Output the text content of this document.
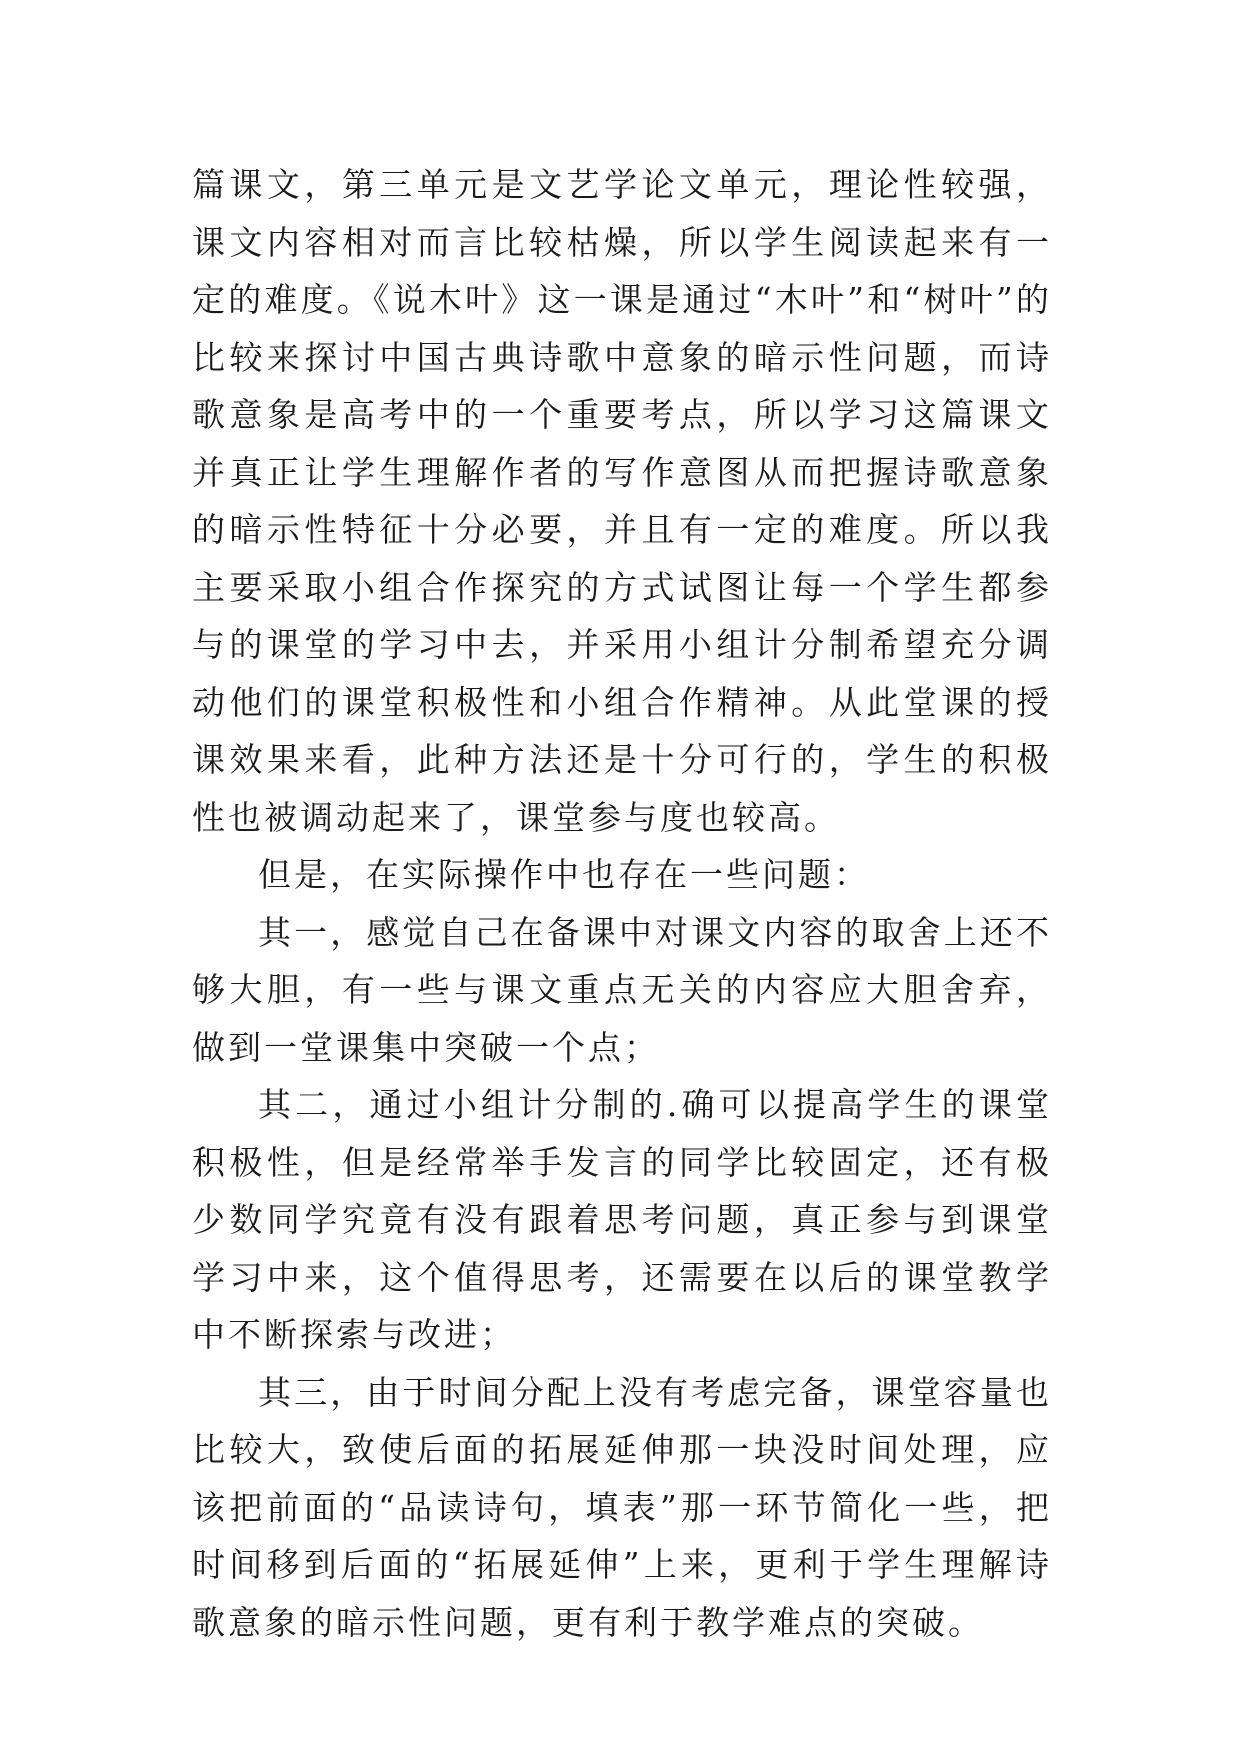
篇课文，第三单元是文艺学论文单元，理论性较强，课文内容相对而言比较枯燥，所以学生阅读起来有一定的难度。《说木叶》这一课是通过“木叶”和“树叶”的比较来探讨中国古典诗歌中意象的暗示性问题，而诗歌意象是高考中的一个重要考点，所以学习这篇课文并真正让学生理解作者的写作意图从而把握诗歌意象的暗示性特征十分必要，并且有一定的难度。所以我主要采取小组合作探究的方式试图让每一个学生都参与的课堂的学习中去，并采用小组计分制希望充分调动他们的课堂积极性和小组合作精神。从此堂课的授课效果来看，此种方法还是十分可行的，学生的积极性也被调动起来了，课堂参与度也较高。

但是，在实际操作中也存在一些问题：

其一，感觉自己在备课中对课文内容的取舍上还不够大胆，有一些与课文重点无关的内容应大胆舍弃，做到一堂课集中突破一个点；

其二，通过小组计分制的.确可以提高学生的课堂积极性，但是经常举手发言的同学比较固定，还有极少数同学究竟有没有跟着思考问题，真正参与到课堂学习中来，这个值得思考，还需要在以后的课堂教学中不断探索与改进；

其三，由于时间分配上没有考虑完备，课堂容量也比较大，致使后面的拓展延伸那一块没时间处理，应该把前面的“品读诗句，填表”那一环节简化一些，把时间移到后面的“拓展延伸”上来，更利于学生理解诗歌意象的暗示性问题，更有利于教学难点的突破。
